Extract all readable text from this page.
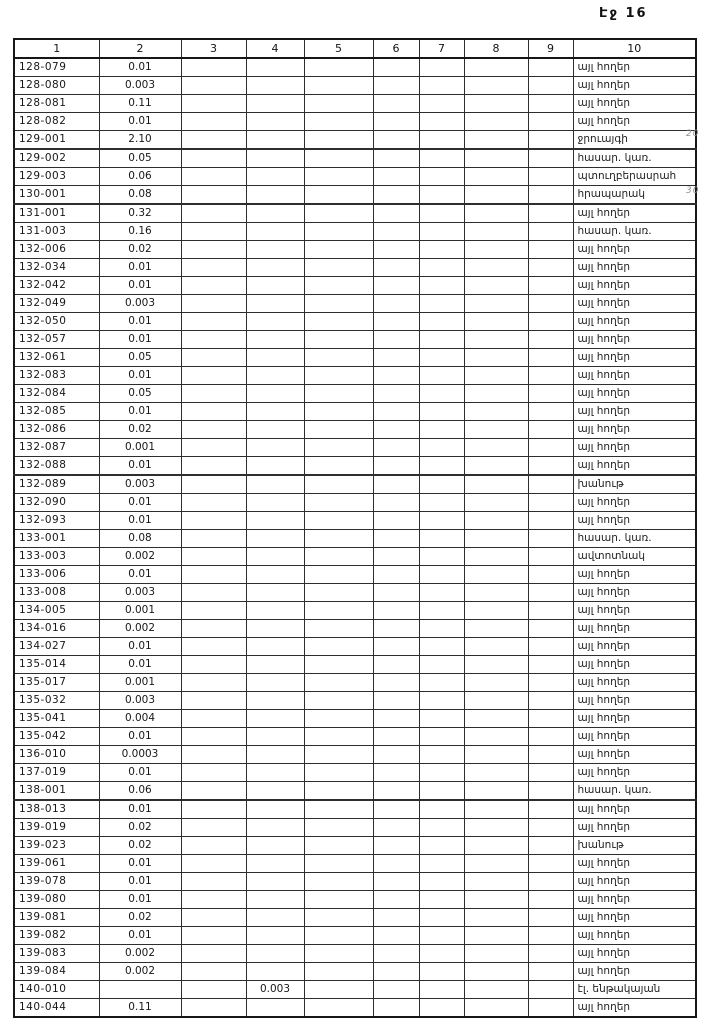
Էջ 16
1	2	3	4	5	6	7	8	9	10
128-079	0.01								այլ հողեր
128-080	0.003								այլ հողեր
128-081	0.11								այլ հողեր
128-082	0.01								այլ հողեր
129-001	2.10								ջրուայգի
129-002	0.05								հասար. կառ.
129-003	0.06								պտուղբերասրահ
130-001	0.08								հրապարակ
131-001	0.32								այլ հողեր
131-003	0.16								հասար. կառ.
132-006	0.02								այլ հողեր
132-034	0.01								այլ հողեր
132-042	0.01								այլ հողեր
132-049	0.003								այլ հողեր
132-050	0.01								այլ հողեր
132-057	0.01								այլ հողեր
132-061	0.05								այլ հողեր
132-083	0.01								այլ հողեր
132-084	0.05								այլ հողեր
132-085	0.01								այլ հողեր
132-086	0.02								այլ հողեր
132-087	0.001								այլ հողեր
132-088	0.01								այլ հողեր
132-089	0.003								խանութ
132-090	0.01								այլ հողեր
132-093	0.01								այլ հողեր
133-001	0.08								հասար. կառ.
133-003	0.002								ավտոտնակ
133-006	0.01								այլ հողեր
133-008	0.003								այլ հողեր
134-005	0.001								այլ հողեր
134-016	0.002								այլ հողեր
134-027	0.01								այլ հողեր
135-014	0.01								այլ հողեր
135-017	0.001								այլ հողեր
135-032	0.003								այլ հողեր
135-041	0.004								այլ հողեր
135-042	0.01								այլ հողեր
136-010	0.0003								այլ հողեր
137-019	0.01								այլ հողեր
138-001	0.06								հասար. կառ.
138-013	0.01								այլ հողեր
139-019	0.02								այլ հողեր
139-023	0.02								խանութ
139-061	0.01								այլ հողեր
139-078	0.01								այլ հողեր
139-080	0.01								այլ հողեր
139-081	0.02								այլ հողեր
139-082	0.01								այլ հողեր
139-083	0.002								այլ հողեր
139-084	0.002								այլ հողեր
140-010			0.003						էլ. ենթակայան
140-044	0.11								այլ հողեր
20
30
